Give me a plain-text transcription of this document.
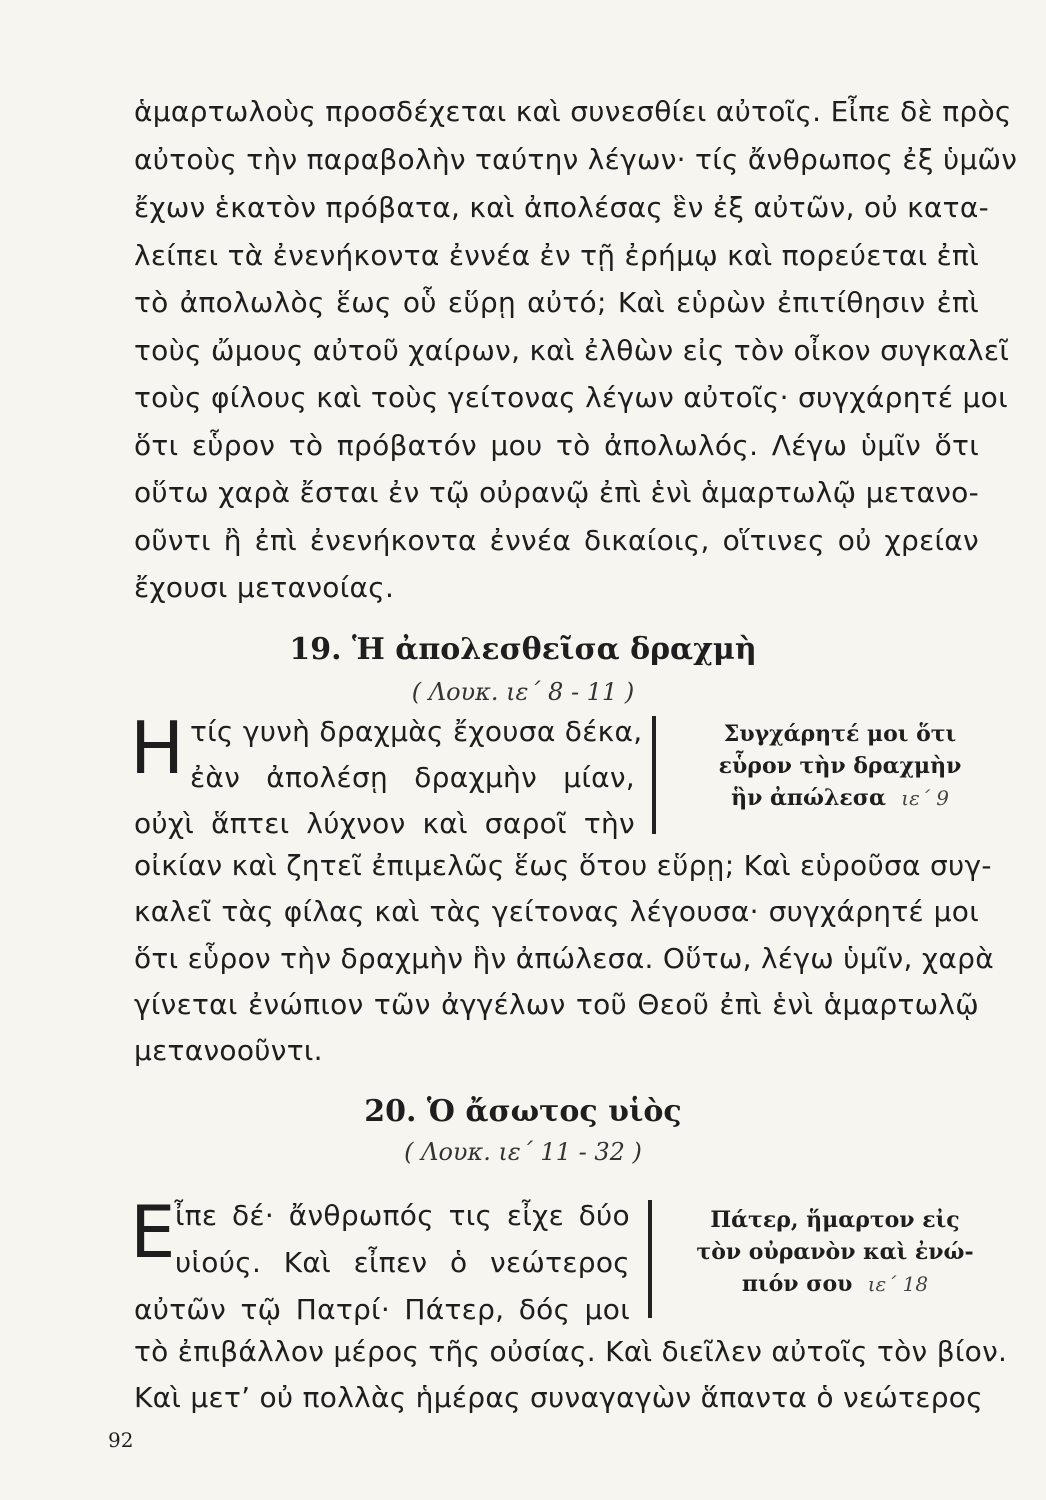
ἁμαρτωλοὺς προσδέχεται καὶ συνεσθίει αὐτοῖς. Εἶπε δὲ πρὸς
αὐτοὺς τὴν παραβολὴν ταύτην λέγων· τίς ἄνθρωπος ἐξ ὑμῶν
ἔχων ἑκατὸν πρόβατα, καὶ ἀπολέσας ἓν ἐξ αὐτῶν, οὐ κατα-
λείπει τὰ ἐνενήκοντα ἐννέα ἐν τῇ ἐρήμῳ καὶ πορεύεται ἐπὶ
τὸ ἀπολωλὸς ἕως οὗ εὕρῃ αὐτό; Καὶ εὑρὼν ἐπιτίθησιν ἐπὶ
τοὺς ὤμους αὐτοῦ χαίρων, καὶ ἐλθὼν εἰς τὸν οἶκον συγκαλεῖ
τοὺς φίλους καὶ τοὺς γείτονας λέγων αὐτοῖς· συγχάρητέ μοι
ὅτι εὗρον τὸ πρόβατόν μου τὸ ἀπολωλός. Λέγω ὑμῖν ὅτι
οὕτω χαρὰ ἔσται ἐν τῷ οὐρανῷ ἐπὶ ἑνὶ ἁμαρτωλῷ μετανο-
οῦντι ἢ ἐπὶ ἐνενήκοντα ἐννέα δικαίοις, οἵτινες οὐ χρείαν
ἔχουσι μετανοίας.
19. Ἡ ἀπολεσθεῖσα δραχμὴ
( Λουκ. ιε΄ 8 - 11 )
Η τίς γυνὴ δραχμὰς ἔχουσα δέκα,
ἐὰν ἀπολέσῃ δραχμὴν μίαν,
οὐχὶ ἅπτει λύχνον καὶ σαροῖ τὴν
Συγχάρητέ μοι ὅτι
εὗρον τὴν δραχμὴν
ἣν ἀπώλεσα ιε΄ 9
οἰκίαν καὶ ζητεῖ ἐπιμελῶς ἕως ὅτου εὕρῃ; Καὶ εὑροῦσα συγ-
καλεῖ τὰς φίλας καὶ τὰς γείτονας λέγουσα· συγχάρητέ μοι
ὅτι εὗρον τὴν δραχμὴν ἣν ἀπώλεσα. Οὕτω, λέγω ὑμῖν, χαρὰ
γίνεται ἐνώπιον τῶν ἀγγέλων τοῦ Θεοῦ ἐπὶ ἑνὶ ἁμαρτωλῷ
μετανοοῦντι.
20. Ὁ ἄσωτος υἱὸς
( Λουκ. ιε΄ 11 - 32 )
Ε ἶπε δέ· ἄνθρωπός τις εἶχε δύο
υἱούς. Καὶ εἶπεν ὁ νεώτερος
αὐτῶν τῷ Πατρί· Πάτερ, δός μοι
Πάτερ, ἥμαρτον εἰς
τὸν οὐρανὸν καὶ ἐνώ-
πιόν σου ιε΄ 18
τὸ ἐπιβάλλον μέρος τῆς οὐσίας. Καὶ διεῖλεν αὐτοῖς τὸν βίον.
Καὶ μετ’ οὐ πολλὰς ἡμέρας συναγαγὼν ἅπαντα ὁ νεώτερος
92
